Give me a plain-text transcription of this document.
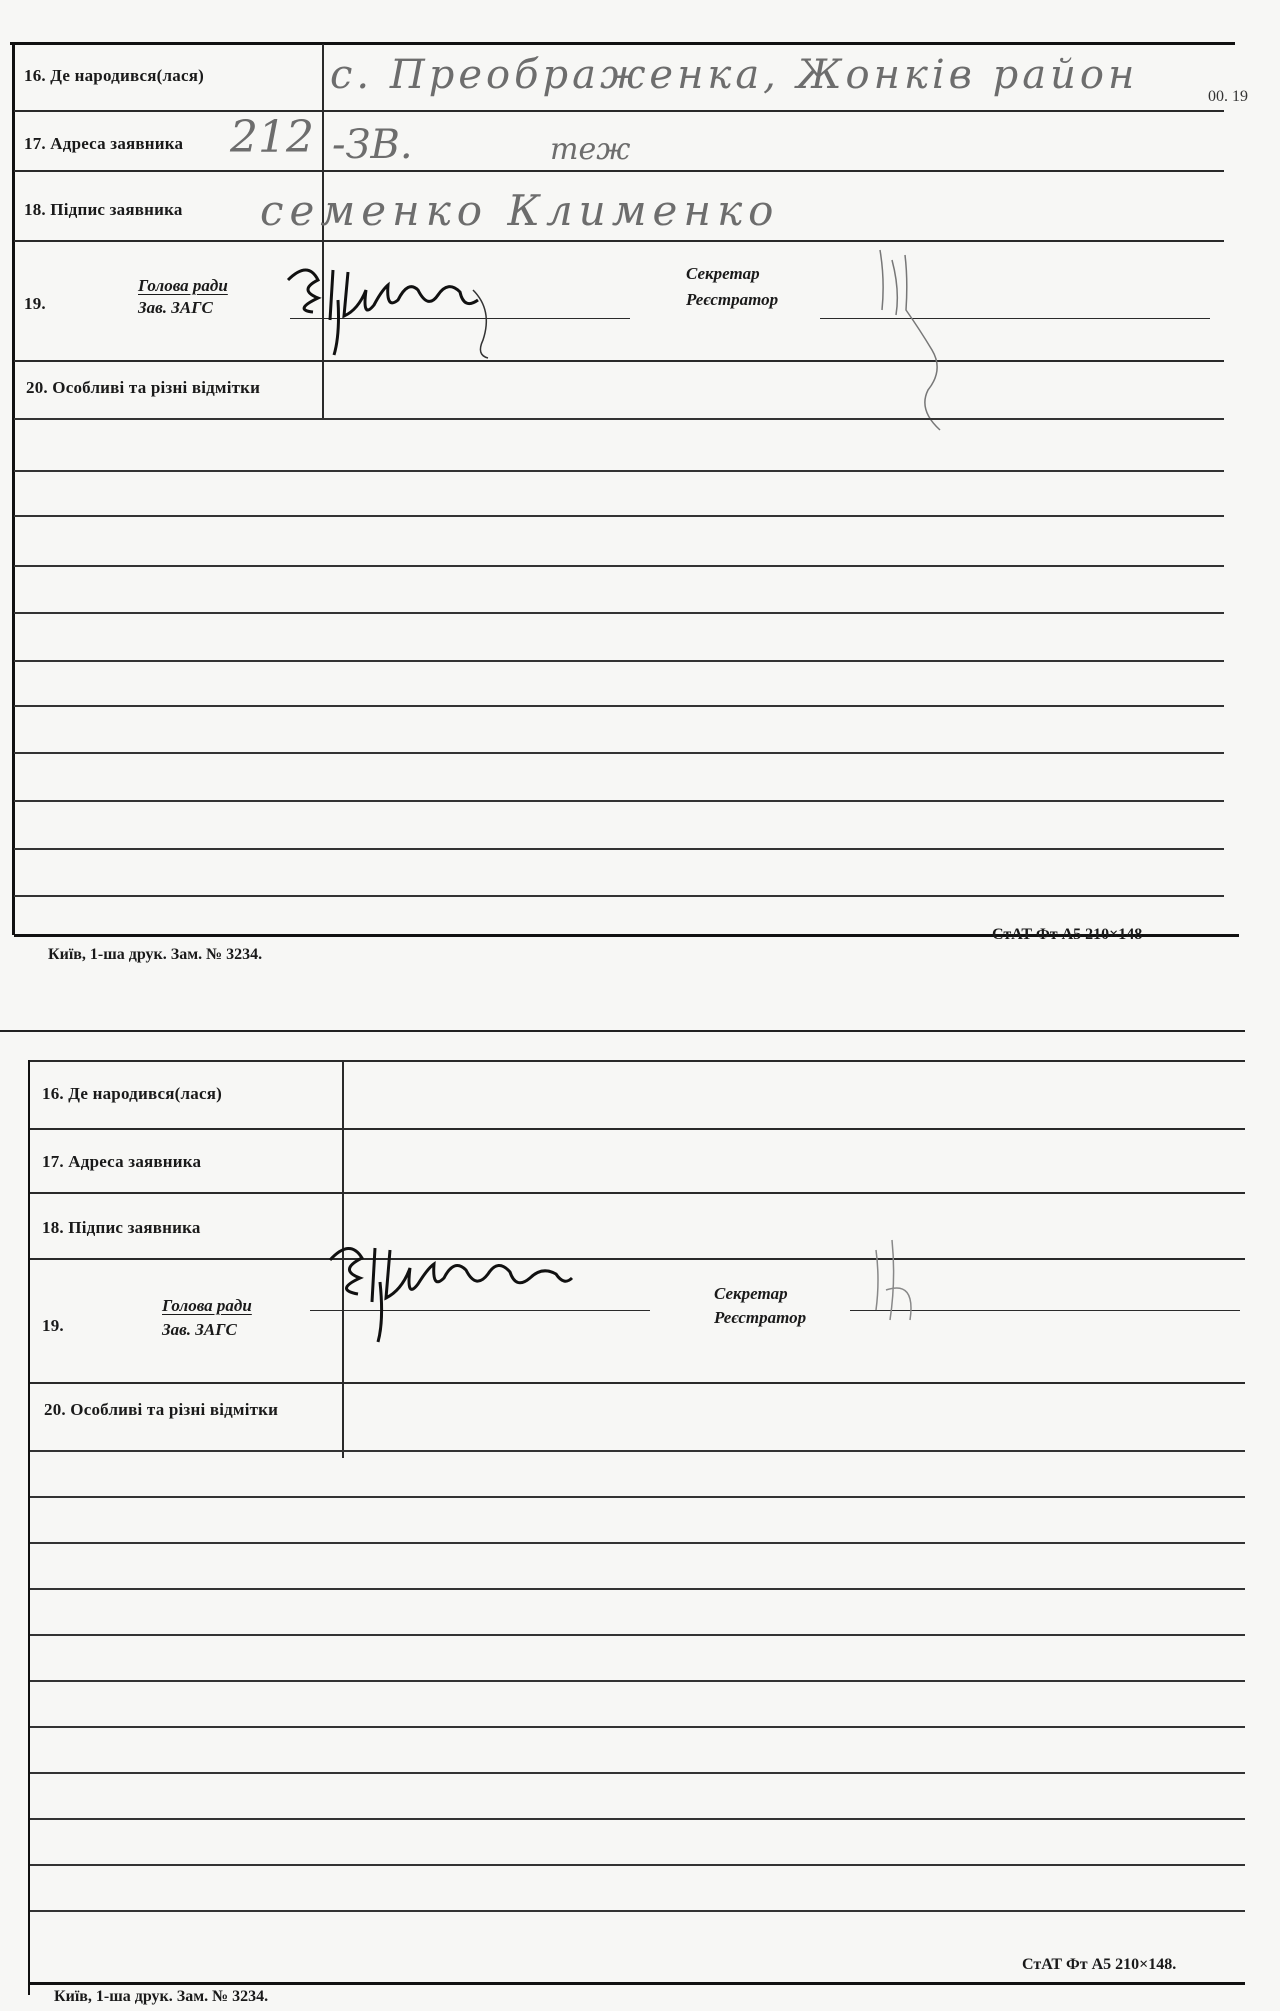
16. Де народився(лася)
17. Адреса заявника
18. Підпис заявника
19.
Голова ради
Зав. ЗАГС
Секретар
Реєстратор
20. Особливі та різні відмітки
с. Преображенка, Жонків район
212 -ЗВ.	теж
семенко Клименко
Київ, 1-ша друк. Зам. № 3234.
СтАТ Фт А5 210×148
00. 19
16. Де народився(лася)
17. Адреса заявника
18. Підпис заявника
19.
Голова ради
Зав. ЗАГС
Секретар
Реєстратор
20. Особливі та різні відмітки
СтАТ Фт А5 210×148.
Київ, 1-ша друк. Зам. № 3234.
